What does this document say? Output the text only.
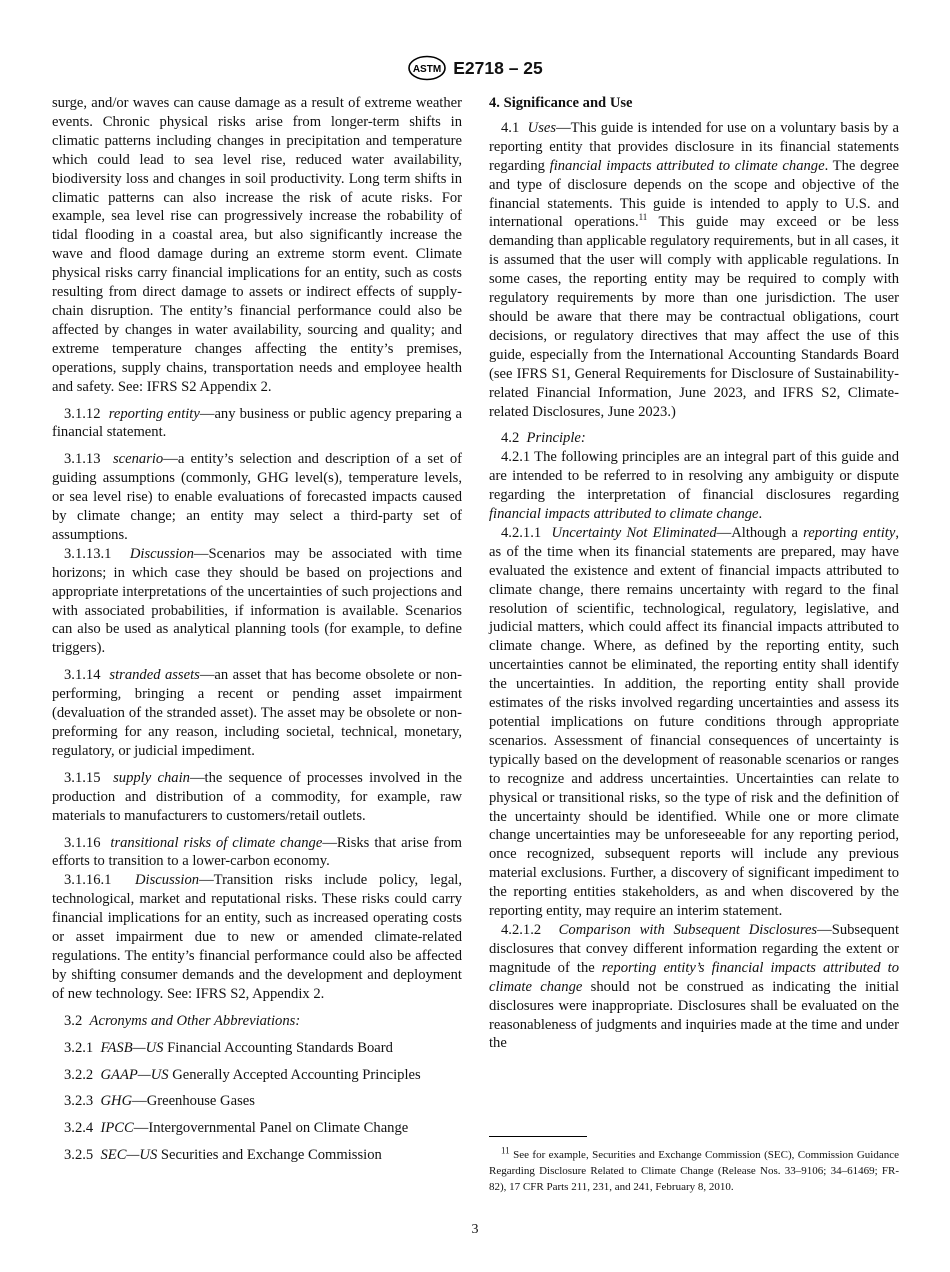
ASTM E2718 – 25

surge, and/or waves can cause damage as a result of extreme weather events. Chronic physical risks arise from longer-term shifts in climatic patterns including changes in precipitation and temperature which could lead to sea level rise, reduced water availability, biodiversity loss and changes in soil productivity. Long term shifts in climatic patterns can also increase the risk of acute risks. For example, sea level rise can progressively increase the robability of tidal flooding in a coastal area, but also significantly increase the wave and flood damage during an extreme storm event. Climate physical risks carry financial implications for an entity, such as costs resulting from direct damage to assets or indirect effects of supply-chain disruption. The entity’s financial performance could also be affected by changes in water availability, sourcing and quality; and extreme temperature changes affecting the entity’s premises, operations, supply chains, transportation needs and employee health and safety. See: IFRS S2 Appendix 2.

3.1.12 reporting entity—any business or public agency preparing a financial statement.

3.1.13 scenario—a entity’s selection and description of a set of guiding assumptions (commonly, GHG level(s), temperature levels, or sea level rise) to enable evaluations of forecasted impacts caused by climate change; an entity may select a third-party set of assumptions.

3.1.13.1 Discussion—Scenarios may be associated with time horizons; in which case they should be based on projections and appropriate interpretations of the uncertainties of such projections and with associated probabilities, if information is available. Scenarios can also be used as analytical planning tools (for example, to define triggers).

3.1.14 stranded assets—an asset that has become obsolete or non-performing, bringing a recent or pending asset impairment (devaluation of the stranded asset). The asset may be obsolete or non-preforming for any reason, including societal, technical, monetary, regulatory, or judicial impediment.

3.1.15 supply chain—the sequence of processes involved in the production and distribution of a commodity, for example, raw materials to manufacturers to customers/retail outlets.

3.1.16 transitional risks of climate change—Risks that arise from efforts to transition to a lower-carbon economy.

3.1.16.1 Discussion—Transition risks include policy, legal, technological, market and reputational risks. These risks could carry financial implications for an entity, such as increased operating costs or asset impairment due to new or amended climate-related regulations. The entity’s financial performance could also be affected by shifting consumer demands and the development and deployment of new technology. See: IFRS S2, Appendix 2.

3.2 Acronyms and Other Abbreviations:

3.2.1 FASB—US Financial Accounting Standards Board

3.2.2 GAAP—US Generally Accepted Accounting Principles

3.2.3 GHG—Greenhouse Gases

3.2.4 IPCC—Intergovernmental Panel on Climate Change

3.2.5 SEC—US Securities and Exchange Commission

4. Significance and Use

4.1 Uses—This guide is intended for use on a voluntary basis by a reporting entity that provides disclosure in its financial statements regarding financial impacts attributed to climate change. The degree and type of disclosure depends on the scope and objective of the financial statements. This guide is intended to apply to U.S. and international operations.$^{11}$ This guide may exceed or be less demanding than applicable regulatory requirements, but in all cases, it is assumed that the user will comply with applicable regulations. In some cases, the reporting entity may be required to comply with regulatory requirements by more than one jurisdiction. The user should be aware that there may be contractual obligations, court decisions, or regulatory directives that may affect the use of this guide, especially from the International Accounting Standards Board (see IFRS S1, General Requirements for Disclosure of Sustainability-related Financial Information, June 2023, and IFRS S2, Climate-related Disclosures, June 2023.)

4.2 Principle:

4.2.1 The following principles are an integral part of this guide and are intended to be referred to in resolving any ambiguity or dispute regarding the interpretation of financial disclosures regarding financial impacts attributed to climate change.

4.2.1.1 Uncertainty Not Eliminated—Although a reporting entity, as of the time when its financial statements are prepared, may have evaluated the existence and extent of financial impacts attributed to climate change, there remains uncertainty with regard to the final resolution of scientific, technological, regulatory, legislative, and judicial matters, which could affect its financial impacts attributed to climate change. Where, as defined by the reporting entity, such uncertainties cannot be eliminated, the reporting entity shall identify the uncertainties. In addition, the reporting entity shall provide estimates of the risks involved regarding uncertainties and assess its potential implications on future conditions through appropriate scenarios. Assessment of financial consequences of uncertainty is typically based on the development of reasonable scenarios or ranges to recognize and address uncertainties. Uncertainties can relate to physical or transitional risks, so the type of risk and the definition of the uncertainty should be identified. While one or more climate change uncertainties may be unforeseeable for any reporting period, once recognized, subsequent reports will include any previous material exclusions. Further, a discovery of significant impediment to the reporting entities stakeholders, as and when discovered by the reporting entity, may require an interim statement.

4.2.1.2 Comparison with Subsequent Disclosures—Subsequent disclosures that convey different information regarding the extent or magnitude of the reporting entity’s financial impacts attributed to climate change should not be construed as indicating the initial disclosures were inappropriate. Disclosures shall be evaluated on the reasonableness of judgments and inquiries made at the time and under the

$^{11}$ See for example, Securities and Exchange Commission (SEC), Commission Guidance Regarding Disclosure Related to Climate Change (Release Nos. 33–9106; 34–61469; FR-82), 17 CFR Parts 211, 231, and 241, February 8, 2010.
3
